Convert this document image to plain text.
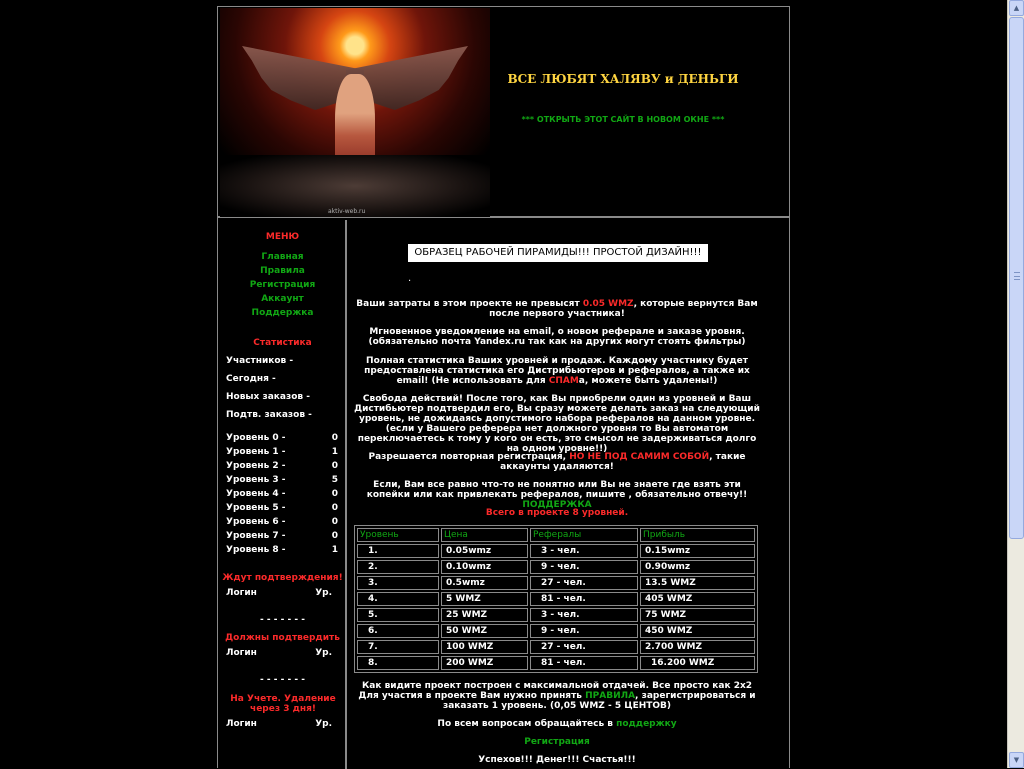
▲
▼
aktiv-web.ru
ВСЕ ЛЮБЯТ ХАЛЯВУ и ДЕНЬГИ
*** ОТКРЫТЬ ЭТОТ САЙТ В НОВОМ ОКНЕ ***
МЕНЮ
Главная
Правила
Регистрация
Аккаунт
Поддержка
Статистика
Участников -
Сегодня -
Новых заказов -
Подтв. заказов -
Уровень 0 -	0
Уровень 1 -	1
Уровень 2 -	0
Уровень 3 -	5
Уровень 4 -	0
Уровень 5 -	0
Уровень 6 -	0
Уровень 7 -	0
Уровень 8 -	1
Ждут подтверждения!
Логин	Ур.
- - - - - - -
Должны подтвердить
Логин	Ур.
- - - - - - -
На Учете. Удаление через 3 дня!
Логин	Ур.
ОБРАЗЕЦ РАБОЧЕЙ ПИРАМИДЫ!!! ПРОСТОЙ ДИЗАЙН!!!
.
Ваши затраты в этом проекте не превысят 0.05 WMZ, которые вернутся Вам после первого участника!
Мгновенное уведомление на email, о новом реферале и заказе уровня. (обязательно почта Yandex.ru так как на других могут стоять фильтры)
Полная статистика Ваших уровней и продаж. Каждому участнику будет предоставлена статистика его Дистрибьютеров и рефералов, а также их email! (Не использовать для СПАМа, можете быть удалены!)
Свобода действий! После того, как Вы приобрели один из уровней и Ваш Дистибьютер подтвердил его, Вы сразу можете делать заказ на следующий уровень, не дожидаясь допустимого набора рефералов на данном уровне. (если у Вашего реферера нет должного уровня то Вы автоматом переключаетесь к тому у кого он есть, это смысол не задерживаться долго на одном уровне!!)
Разрешается повторная регистрация, НО НЕ ПОД САМИМ СОБОЙ, такие аккаунты удаляются!
Если, Вам все равно что-то не понятно или Вы не знаете где взять эти копейки или как привлекать рефералов, пишите , обязательно отвечу!! ПОДДЕРЖКА
Всего в проекте 8 уровней.
Уровень	Цена	Рефералы	Прибыль
1.	0.05wmz	3 - чел.	0.15wmz
2.	0.10wmz	9 - чел.	0.90wmz
3.	0.5wmz	27 - чел.	13.5 WMZ
4.	5 WMZ	81 - чел.	405 WMZ
5.	25 WMZ	3 - чел.	75 WMZ
6.	50 WMZ	9 - чел.	450 WMZ
7.	100 WMZ	27 - чел.	2.700 WMZ
8.	200 WMZ	81 - чел.	16.200 WMZ
Как видите проект построен с максимальной отдачей. Все просто как 2x2
Для участия в проекте Вам нужно принять ПРАВИЛА, зарегистрироваться и заказать 1 уровень. (0,05 WMZ - 5 ЦЕНТОВ)
По всем вопросам обращайтесь в поддержку
Регистрация
Успехов!!! Денег!!! Счастья!!!
